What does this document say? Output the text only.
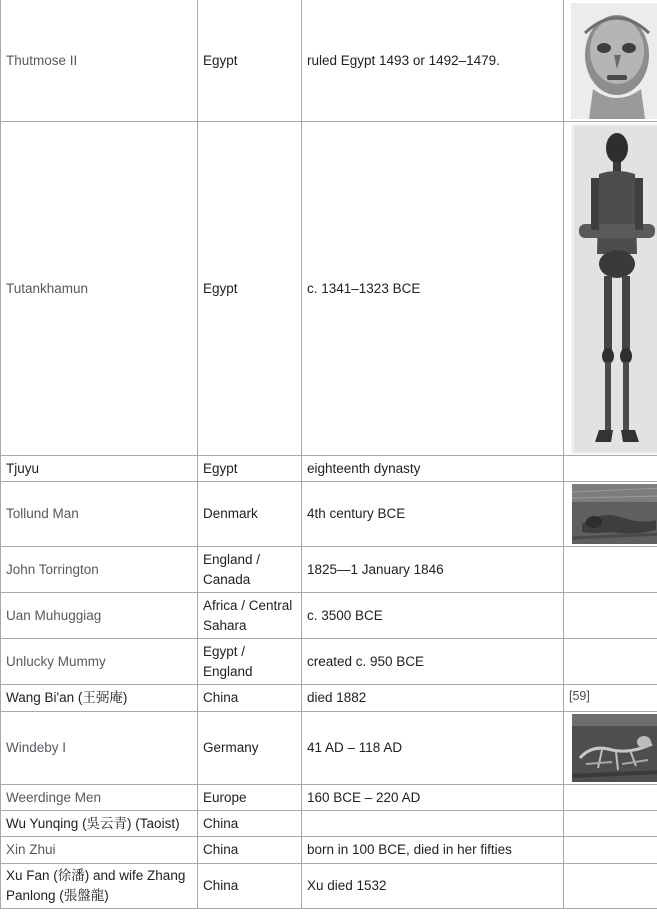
Thutmose II	Egypt	ruled Egypt 1493 or 1492–1479.	

Tutankhamun	Egypt	c. 1341–1323 BCE	

Tjuyu	Egypt	eighteenth dynasty	
Tollund Man	Denmark	4th century BCE	

John Torrington	England / Canada	1825—1 January 1846	
Uan Muhuggiag	Africa / Central Sahara	c. 3500 BCE	
Unlucky Mummy	Egypt / England	created c. 950 BCE	
Wang Bi'an (王弼庵)	China	died 1882	[59]
Windeby I	Germany	41 AD – 118 AD	

Weerdinge Men	Europe	160 BCE – 220 AD	
Wu Yunqing (吳云青) (Taoist)	China		
Xin Zhui	China	born in 100 BCE, died in her fifties	
Xu Fan (徐潘) and wife Zhang Panlong (張盤龍)	China	Xu died 1532	
